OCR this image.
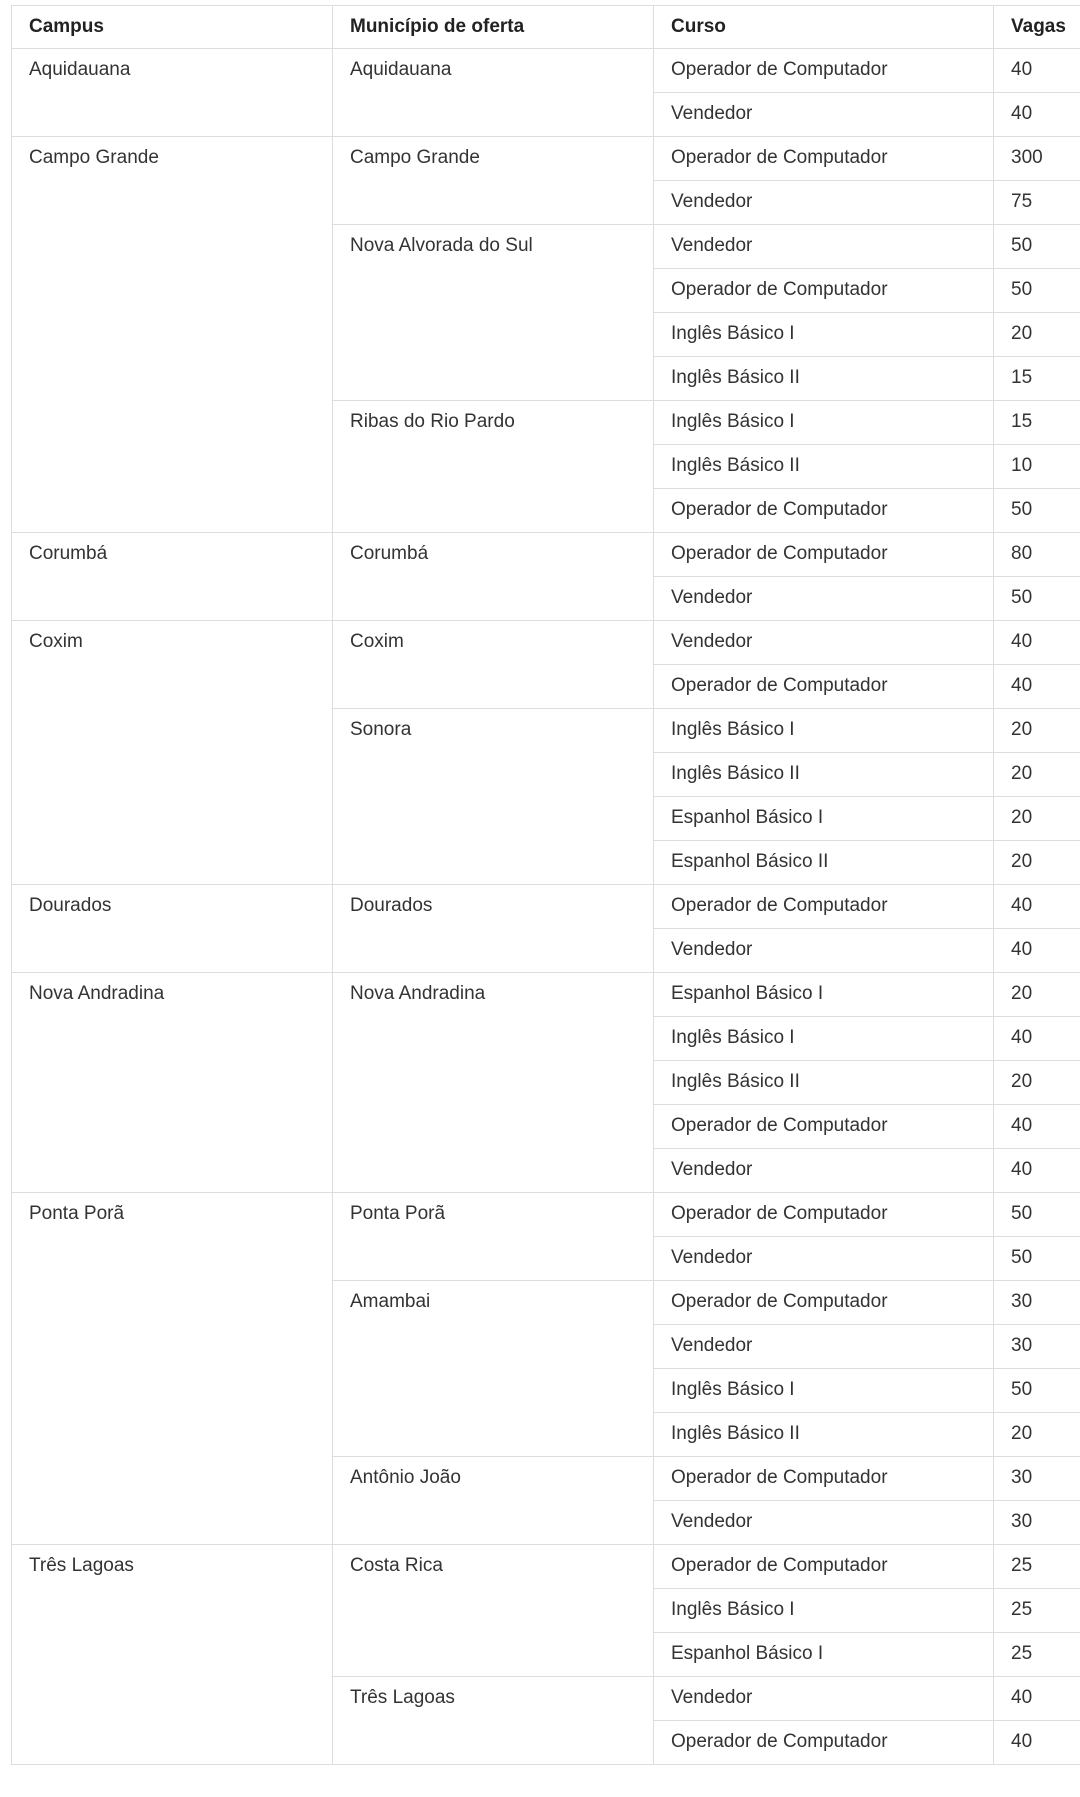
Campus	Município de oferta	Curso	Vagas
Aquidauana	Aquidauana	Operador de Computador	40
		Vendedor	40
Campo Grande	Campo Grande	Operador de Computador	300
		Vendedor	75
	Nova Alvorada do Sul	Vendedor	50
		Operador de Computador	50
		Inglês Básico I	20
		Inglês Básico II	15
	Ribas do Rio Pardo	Inglês Básico I	15
		Inglês Básico II	10
		Operador de Computador	50
Corumbá	Corumbá	Operador de Computador	80
		Vendedor	50
Coxim	Coxim	Vendedor	40
		Operador de Computador	40
	Sonora	Inglês Básico I	20
		Inglês Básico II	20
		Espanhol Básico I	20
		Espanhol Básico II	20
Dourados	Dourados	Operador de Computador	40
		Vendedor	40
Nova Andradina	Nova Andradina	Espanhol Básico I	20
		Inglês Básico I	40
		Inglês Básico II	20
		Operador de Computador	40
		Vendedor	40
Ponta Porã	Ponta Porã	Operador de Computador	50
		Vendedor	50
	Amambai	Operador de Computador	30
		Vendedor	30
		Inglês Básico I	50
		Inglês Básico II	20
	Antônio João	Operador de Computador	30
		Vendedor	30
Três Lagoas	Costa Rica	Operador de Computador	25
		Inglês Básico I	25
		Espanhol Básico I	25
	Três Lagoas	Vendedor	40
		Operador de Computador	40
